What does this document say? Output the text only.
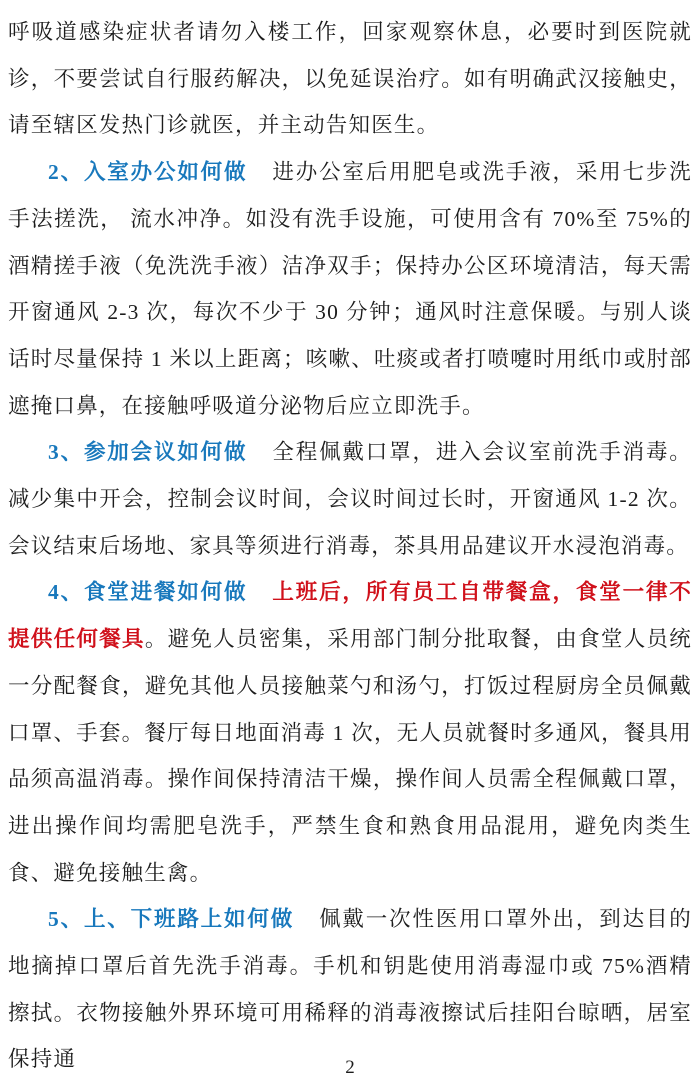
呼吸道感染症状者请勿入楼工作，回家观察休息，必要时到医院就诊，不要尝试自行服药解决，以免延误治疗。如有明确武汉接触史，请至辖区发热门诊就医，并主动告知医生。

2、入室办公如何做 进办公室后用肥皂或洗手液，采用七步洗手法搓洗， 流水冲净。如没有洗手设施，可使用含有 70%至 75%的酒精搓手液（免洗洗手液）洁净双手；保持办公区环境清洁，每天需开窗通风 2-3 次，每次不少于 30 分钟；通风时注意保暖。与别人谈话时尽量保持 1 米以上距离；咳嗽、吐痰或者打喷嚏时用纸巾或肘部遮掩口鼻，在接触呼吸道分泌物后应立即洗手。

3、参加会议如何做 全程佩戴口罩，进入会议室前洗手消毒。减少集中开会，控制会议时间，会议时间过长时，开窗通风 1-2 次。会议结束后场地、家具等须进行消毒，茶具用品建议开水浸泡消毒。

4、食堂进餐如何做 上班后，所有员工自带餐盒，食堂一律不提供任何餐具。避免人员密集，采用部门制分批取餐，由食堂人员统一分配餐食，避免其他人员接触菜勺和汤勺，打饭过程厨房全员佩戴口罩、手套。餐厅每日地面消毒 1 次，无人员就餐时多通风，餐具用品须高温消毒。操作间保持清洁干燥，操作间人员需全程佩戴口罩，进出操作间均需肥皂洗手，严禁生食和熟食用品混用，避免肉类生食、避免接触生禽。

5、上、下班路上如何做 佩戴一次性医用口罩外出，到达目的地摘掉口罩后首先洗手消毒。手机和钥匙使用消毒湿巾或 75%酒精擦拭。衣物接触外界环境可用稀释的消毒液擦试后挂阳台晾晒，居室保持通	2
